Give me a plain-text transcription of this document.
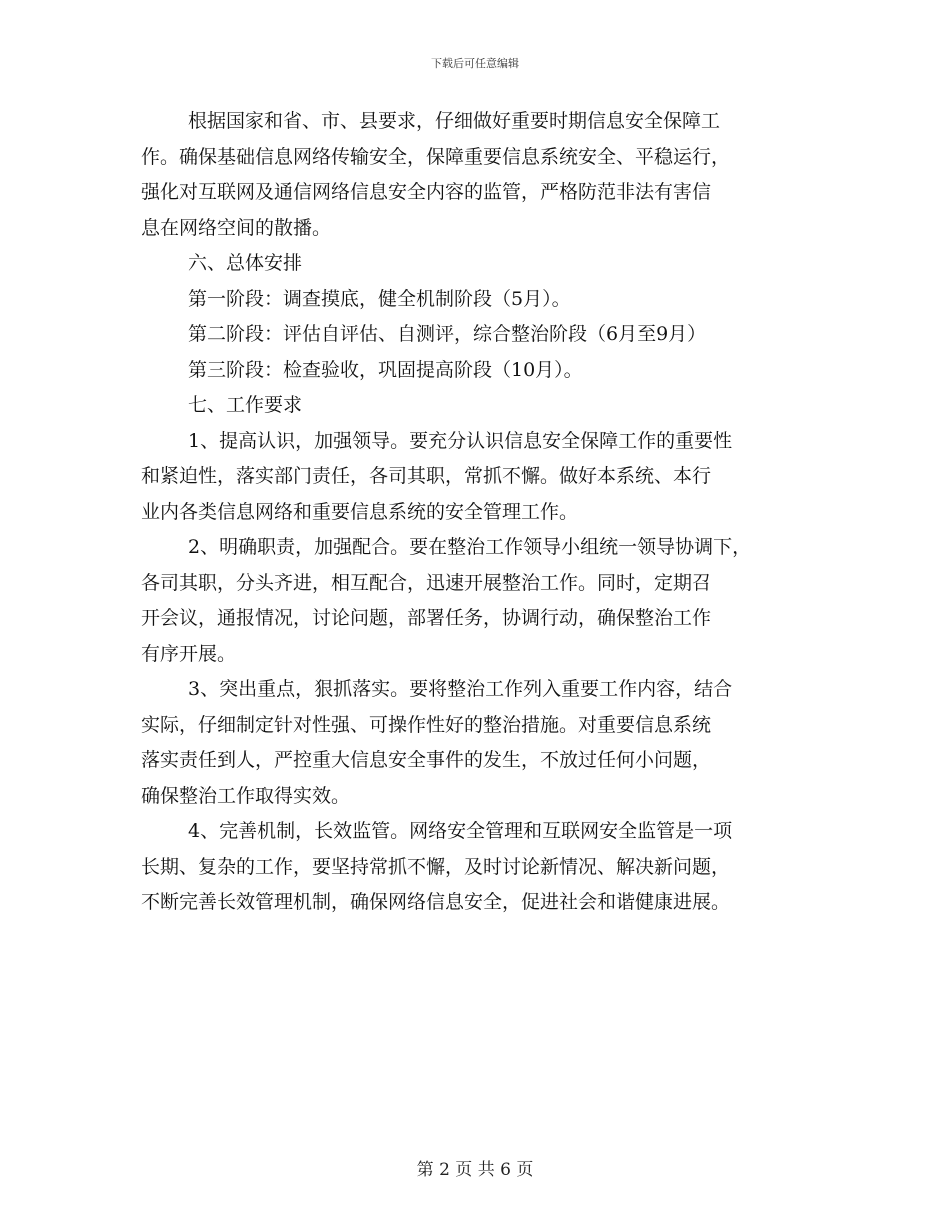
下载后可任意编辑
根据国家和省、市、县要求，仔细做好重要时期信息安全保障工
作。确保基础信息网络传输安全，保障重要信息系统安全、平稳运行，
强化对互联网及通信网络信息安全内容的监管，严格防范非法有害信
息在网络空间的散播。
六、总体安排
第一阶段：调查摸底，健全机制阶段（5月）。
第二阶段：评估自评估、自测评，综合整治阶段（6月至9月）
第三阶段：检查验收，巩固提高阶段（10月）。
七、工作要求
1、提高认识，加强领导。要充分认识信息安全保障工作的重要性
和紧迫性，落实部门责任，各司其职，常抓不懈。做好本系统、本行
业内各类信息网络和重要信息系统的安全管理工作。
2、明确职责，加强配合。要在整治工作领导小组统一领导协调下，
各司其职，分头齐进，相互配合，迅速开展整治工作。同时，定期召
开会议，通报情况，讨论问题，部署任务，协调行动，确保整治工作
有序开展。
3、突出重点，狠抓落实。要将整治工作列入重要工作内容，结合
实际，仔细制定针对性强、可操作性好的整治措施。对重要信息系统
落实责任到人，严控重大信息安全事件的发生，不放过任何小问题，
确保整治工作取得实效。
4、完善机制，长效监管。网络安全管理和互联网安全监管是一项
长期、复杂的工作，要坚持常抓不懈，及时讨论新情况、解决新问题，
不断完善长效管理机制，确保网络信息安全，促进社会和谐健康进展。
第 2 页 共 6 页
